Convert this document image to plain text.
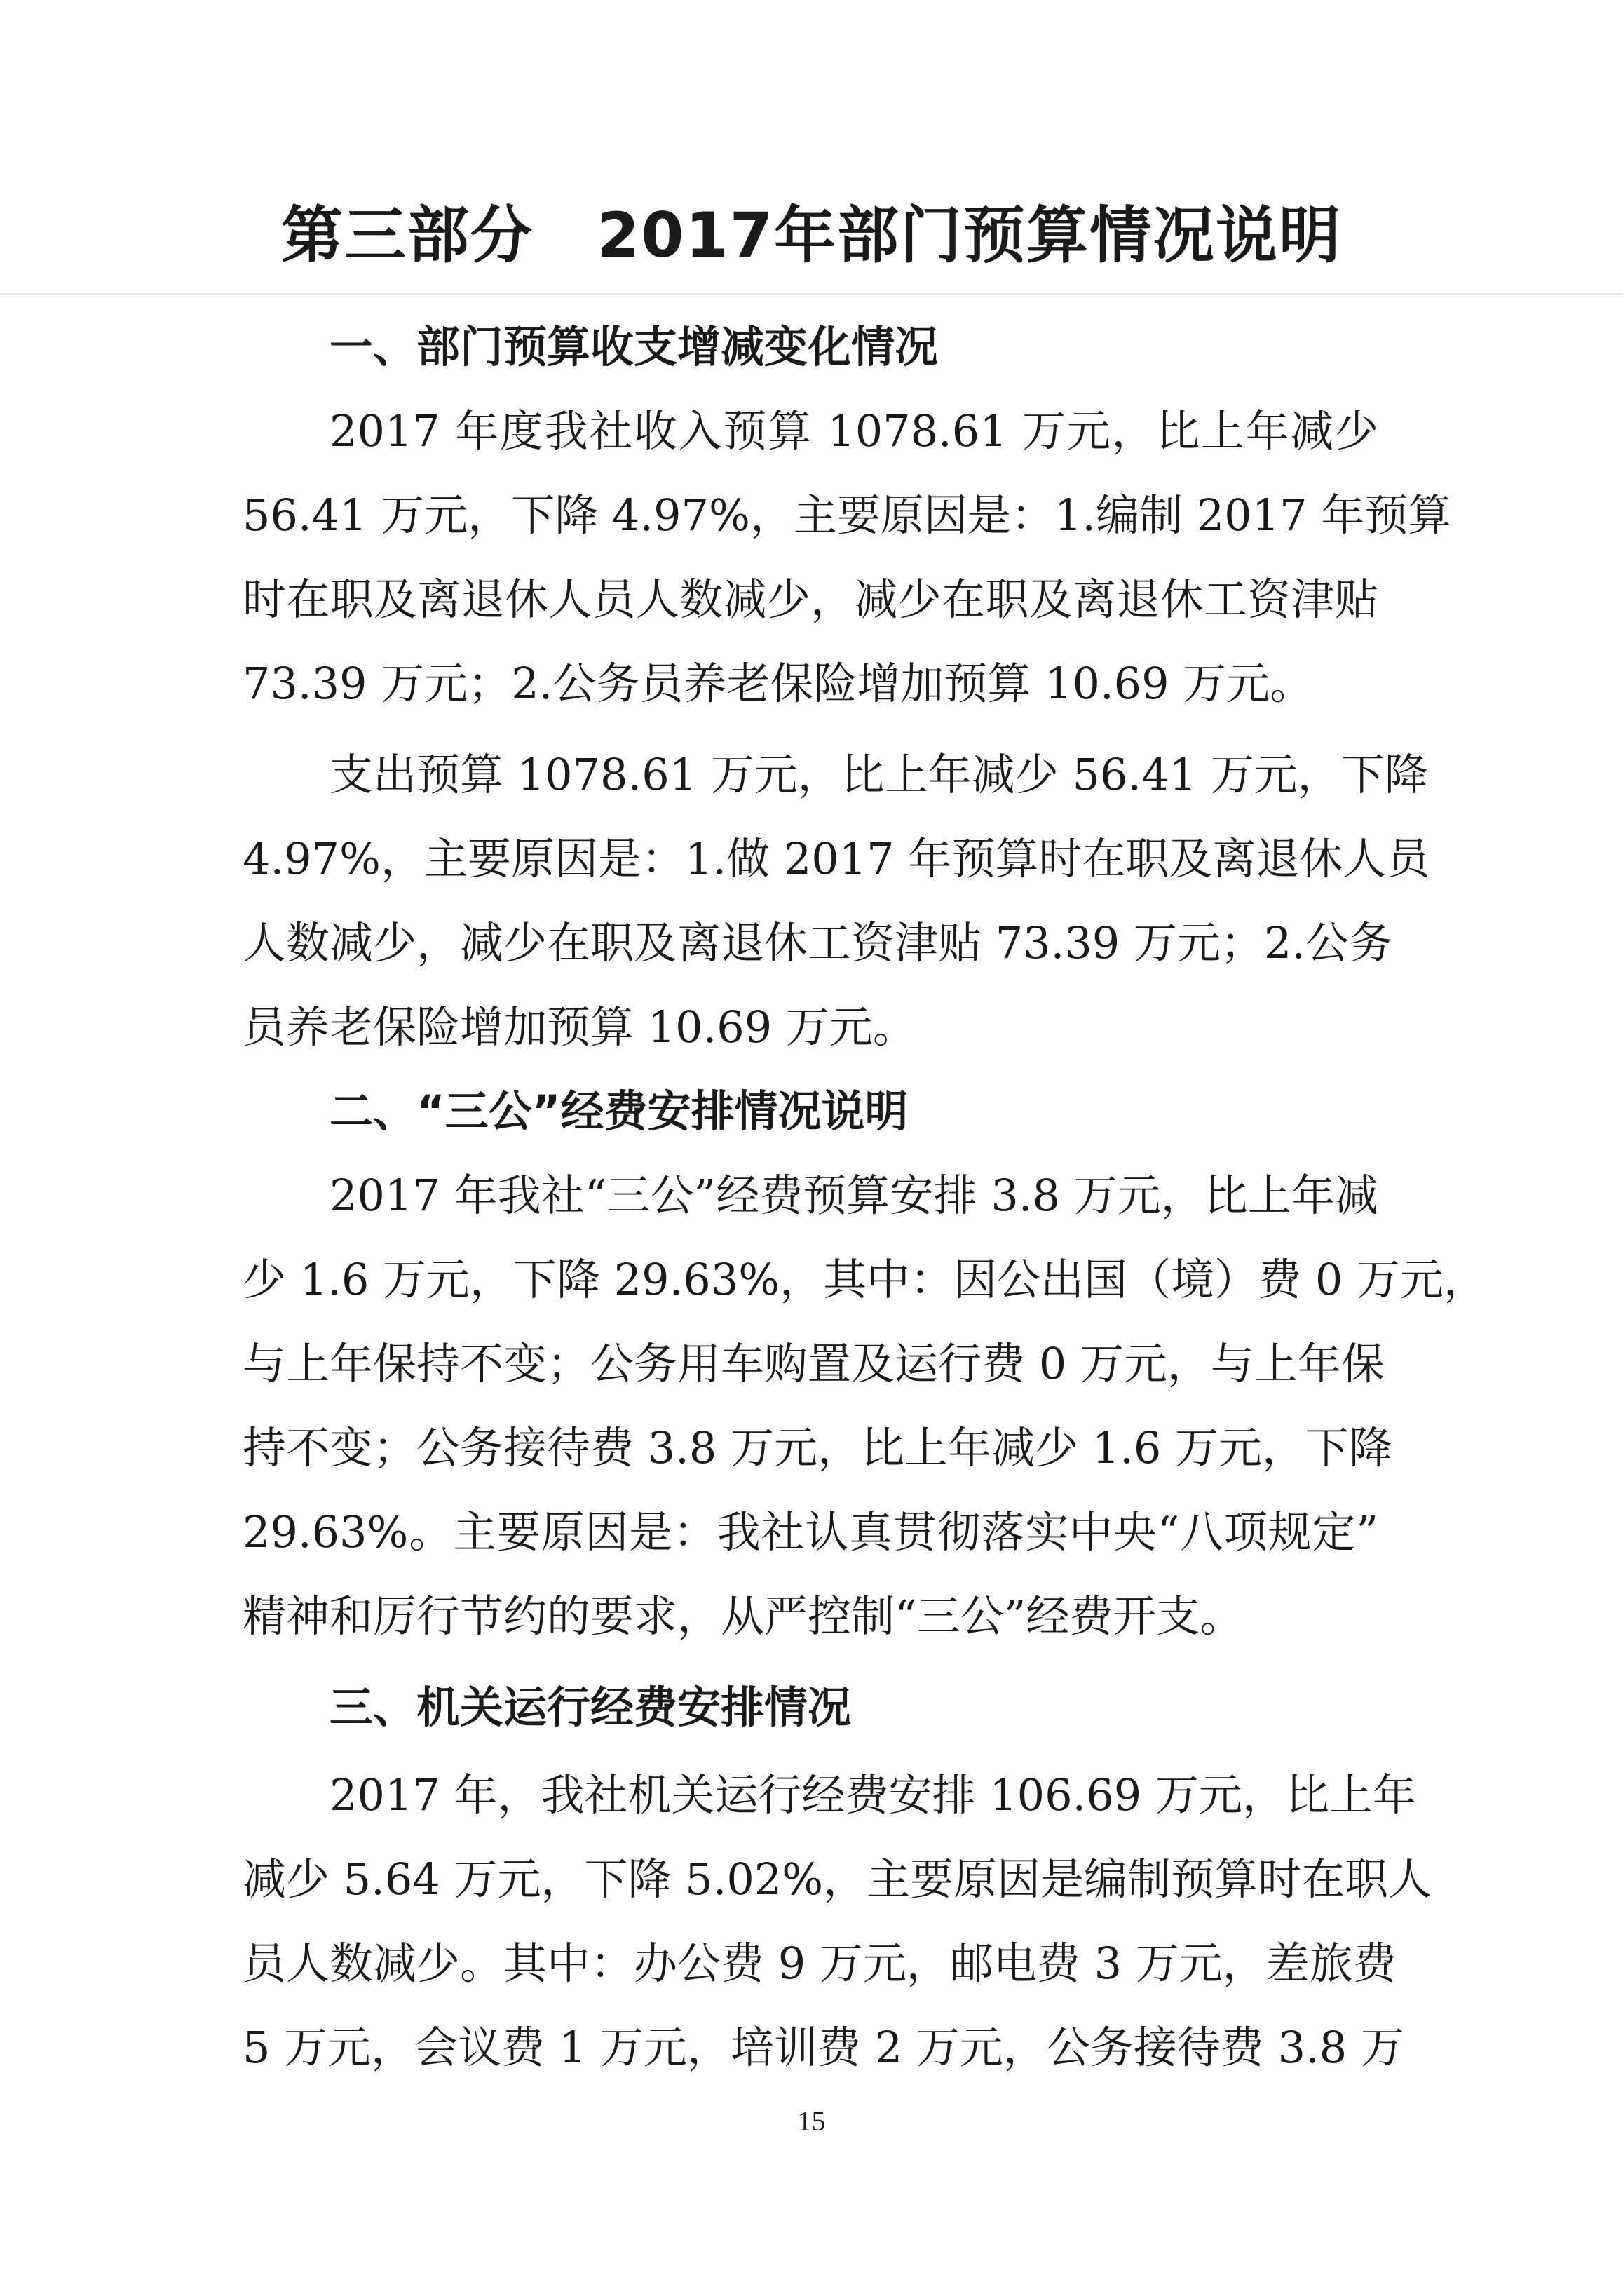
第三部分　2017年部门预算情况说明
一、部门预算收支增减变化情况

2017 年度我社收入预算 1078.61 万元，比上年减少

56.41 万元，下降 4.97%，主要原因是：1.编制 2017 年预算

时在职及离退休人员人数减少，减少在职及离退休工资津贴

73.39 万元；2.公务员养老保险增加预算 10.69 万元。

支出预算 1078.61 万元，比上年减少 56.41 万元，下降

4.97%，主要原因是：1.做 2017 年预算时在职及离退休人员

人数减少，减少在职及离退休工资津贴 73.39 万元；2.公务

员养老保险增加预算 10.69 万元。

二、“三公”经费安排情况说明

2017 年我社“三公”经费预算安排 3.8 万元，比上年减

少 1.6 万元，下降 29.63%，其中：因公出国（境）费 0 万元，

与上年保持不变；公务用车购置及运行费 0 万元，与上年保

持不变；公务接待费 3.8 万元，比上年减少 1.6 万元，下降

29.63%。主要原因是：我社认真贯彻落实中央“八项规定”

精神和厉行节约的要求，从严控制“三公”经费开支。

三、机关运行经费安排情况

2017 年，我社机关运行经费安排 106.69 万元，比上年

减少 5.64 万元，下降 5.02%，主要原因是编制预算时在职人

员人数减少。其中：办公费 9 万元，邮电费 3 万元，差旅费

5 万元，会议费 1 万元，培训费 2 万元，公务接待费 3.8 万

15
